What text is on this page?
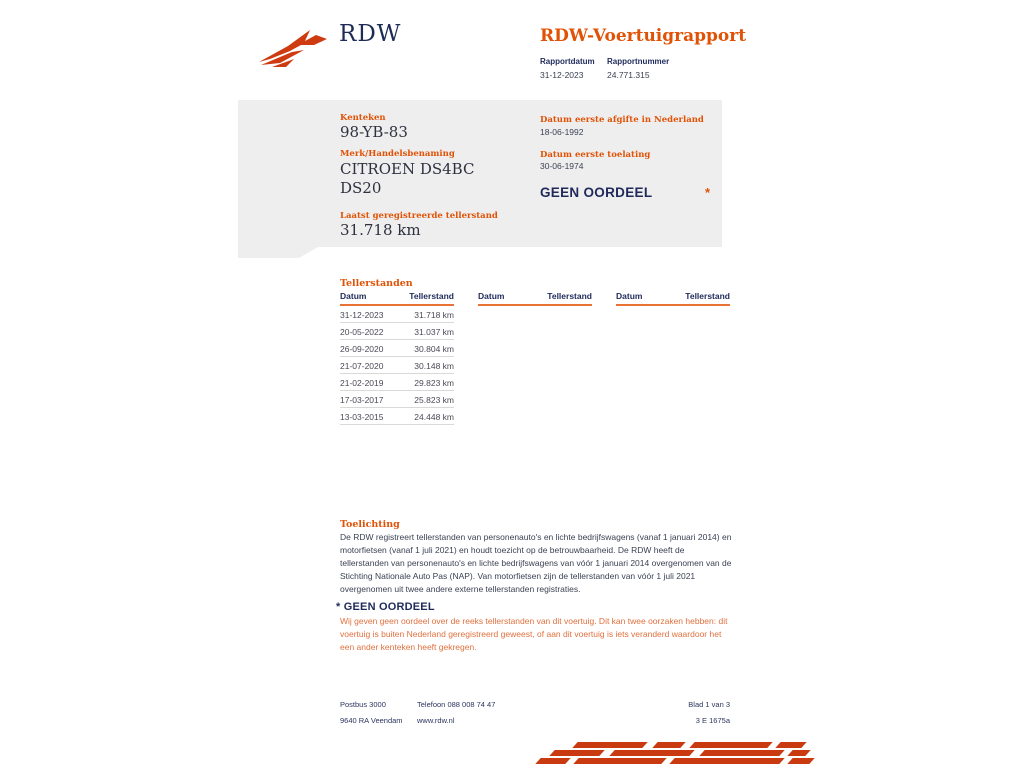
RDW	RDW-Voertuigrapport
Rapportdatum
31-12-2023
Rapportnummer
24.771.315
Kenteken
98-YB-83
Merk/Handelsbenaming
CITROEN DS4BC
DS20
Laatst geregistreerde tellerstand
31.718 km
Datum eerste afgifte in Nederland
18-06-1992
Datum eerste toelating
30-06-1974
GEEN OORDEEL	*
Tellerstanden
Datum	Tellerstand
31-12-2023	31.718 km
20-05-2022	31.037 km
26-09-2020	30.804 km
21-07-2020	30.148 km
21-02-2019	29.823 km
17-03-2017	25.823 km
13-03-2015	24.448 km
Datum	Tellerstand	Datum	Tellerstand
Toelichting
De RDW registreert tellerstanden van personenauto's en lichte bedrijfswagens (vanaf 1 januari 2014) en motorfietsen (vanaf 1 juli 2021) en houdt toezicht op de betrouwbaarheid. De RDW heeft de tellerstanden van personenauto's en lichte bedrijfswagens van vóór 1 januari 2014 overgenomen van de Stichting Nationale Auto Pas (NAP). Van motorfietsen zijn de tellerstanden van vóór 1 juli 2021 overgenomen uit twee andere externe tellerstanden registraties.
* GEEN OORDEEL
Wij geven geen oordeel over de reeks tellerstanden van dit voertuig. Dit kan twee oorzaken hebben: dit voertuig is buiten Nederland geregistreerd geweest, of aan dit voertuig is iets veranderd waardoor het een ander kenteken heeft gekregen.
Postbus 3000	Telefoon 088 008 74 47	Blad 1 van 3
9640 RA Veendam	www.rdw.nl	3 E 1675a
